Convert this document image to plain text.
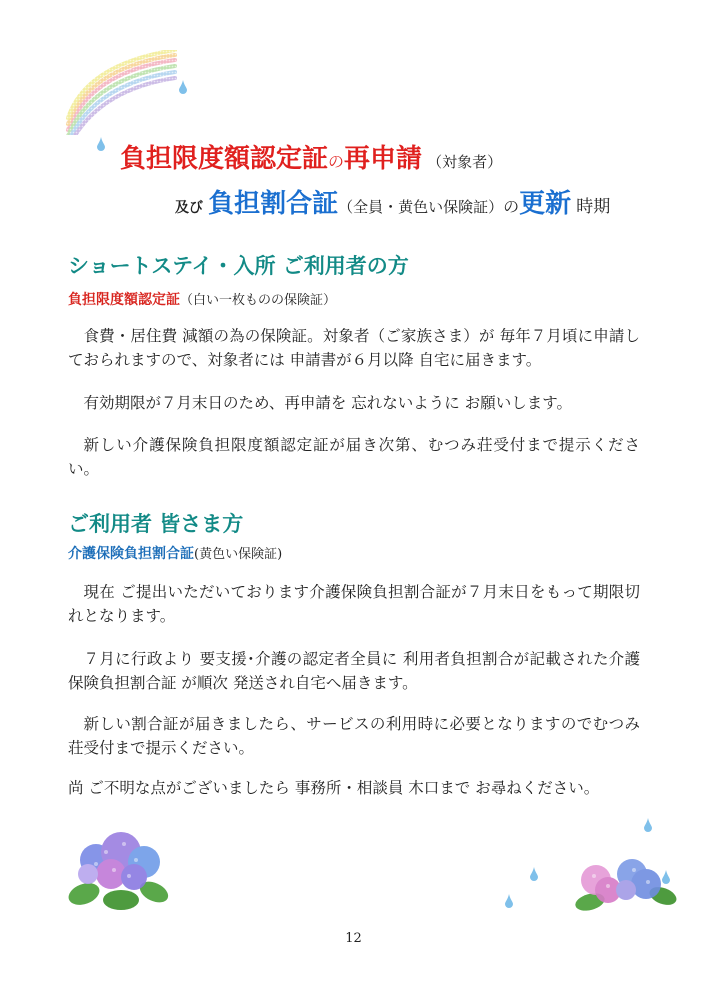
負担限度額認定証の再申請 （対象者）
及び 負担割合証（全員・黄色い保険証）の更新 時期
ショートステイ・入所 ご利用者の方
負担限度額認定証（白い一枚ものの保険証）
食費・居住費 減額の為の保険証。対象者（ご家族さま）が 毎年７月頃に申請しておられますので、対象者には 申請書が６月以降 自宅に届きます。
有効期限が７月末日のため、再申請を 忘れないように お願いします。
新しい介護保険負担限度額認定証が届き次第、むつみ荘受付まで提示ください。
ご利用者 皆さま方
介護保険負担割合証(黄色い保険証)
現在 ご提出いただいております介護保険負担割合証が７月末日をもって期限切れとなります。
７月に行政より 要支援･介護の認定者全員に 利用者負担割合が記載された介護 保険負担割合証 が順次 発送され自宅へ届きます。
新しい割合証が届きましたら、サービスの利用時に必要となりますのでむつみ荘受付まで提示ください。
尚 ご不明な点がございましたら 事務所・相談員 木口まで お尋ねください。
12
